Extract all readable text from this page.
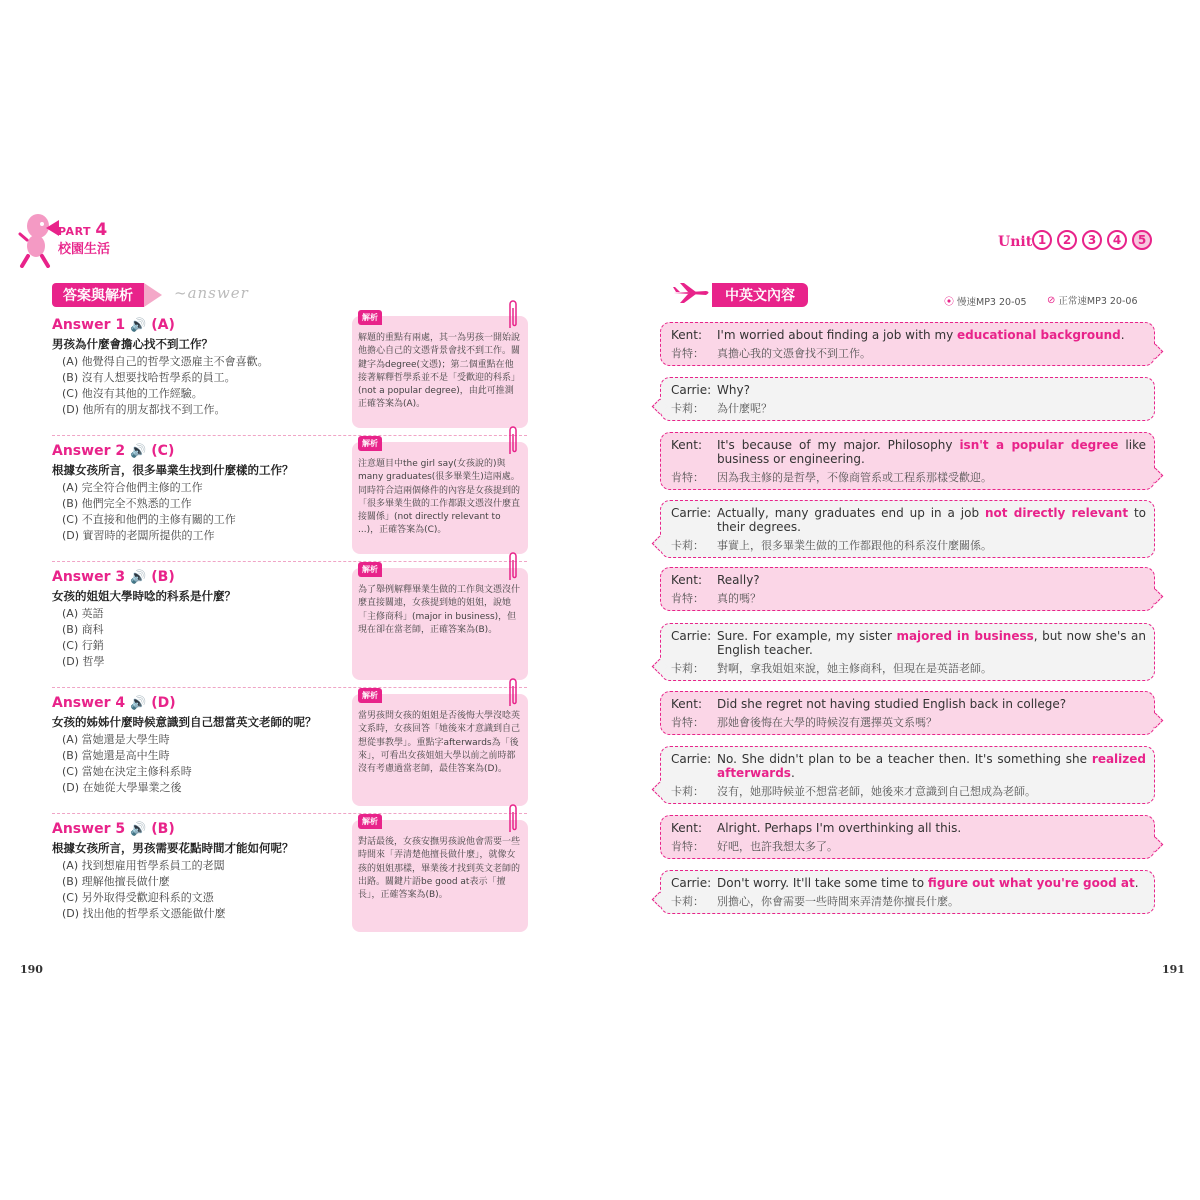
PART 4
校園生活	Unit 1	2	3	4	5
答案與解析	~answer
Answer 1 🔊 (A)
男孩為什麼會擔心找不到工作？
(A) 他覺得自己的哲學文憑雇主不會喜歡。
(B) 沒有人想要找哈哲學系的員工。
(C) 他沒有其他的工作經驗。
(D) 他所有的朋友都找不到工作。
解析
解題的重點有兩處，其一為男孩一開始說他擔心自己的文憑背景會找不到工作。關鍵字為degree(文憑)；第二個重點在他接著解釋哲學系並不是「受歡迎的科系」(not a popular degree)，由此可推測正確答案為(A)。
Answer 2 🔊 (C)
根據女孩所言，很多畢業生找到什麼樣的工作？
(A) 完全符合他們主修的工作
(B) 他們完全不熟悉的工作
(C) 不直接和他們的主修有關的工作
(D) 實習時的老闆所提供的工作
解析
注意題目中the girl say(女孩說的)與many graduates(很多畢業生)這兩處。同時符合這兩個條件的內容是女孩提到的「很多畢業生做的工作都跟文憑沒什麼直接關係」(not directly relevant to ...)，正確答案為(C)。
Answer 3 🔊 (B)
女孩的姐姐大學時唸的科系是什麼？
(A) 英語
(B) 商科
(C) 行銷
(D) 哲學
解析
為了舉例解釋畢業生做的工作與文憑沒什麼直接關連，女孩提到她的姐姐，說她「主修商科」(major in business)，但現在卻在當老師，正確答案為(B)。
Answer 4 🔊 (D)
女孩的姊姊什麼時候意識到自己想當英文老師的呢？
(A) 當她還是大學生時
(B) 當她還是高中生時
(C) 當她在決定主修科系時
(D) 在她從大學畢業之後
解析
當男孩問女孩的姐姐是否後悔大學沒唸英文系時，女孩回答「她後來才意識到自己想從事教學」。重點字afterwards為「後來」，可看出女孩姐姐大學以前之前時都沒有考慮過當老師，最佳答案為(D)。
Answer 5 🔊 (B)
根據女孩所言，男孩需要花點時間才能如何呢？
(A) 找到想雇用哲學系員工的老闆
(B) 理解他擅長做什麼
(C) 另外取得受歡迎科系的文憑
(D) 找出他的哲學系文憑能做什麼
解析
對話最後，女孩安撫男孩說他會需要一些時間來「弄清楚他擅長做什麼」，就像女孩的姐姐那樣，畢業後才找到英文老師的出路。關鍵片語be good at表示「擅長」，正確答案為(B)。
中英文內容	⦿ 慢速MP3 20-05 ⊘ 正常速MP3 20-06
Kent:	I'm worried about finding a job with my educational background.
肯特：	真擔心我的文憑會找不到工作。
Carrie: Why?
卡莉：	為什麼呢？
Kent:	It's because of my major. Philosophy isn't a popular degree like business or engineering.
肯特：	因為我主修的是哲學，不像商管系或工程系那樣受歡迎。
Carrie: Actually, many graduates end up in a job not directly relevant to their degrees.
卡莉：	事實上，很多畢業生做的工作都跟他的科系沒什麼關係。
Kent:	Really?
肯特：	真的嗎？
Carrie: Sure. For example, my sister majored in business, but now she's an English teacher.
卡莉：	對啊，拿我姐姐來說，她主修商科，但現在是英語老師。
Kent:	Did she regret not having studied English back in college?
肯特：	那她會後悔在大學的時候沒有選擇英文系嗎？
Carrie: No. She didn't plan to be a teacher then. It's something she realized afterwards.
卡莉：	沒有，她那時候並不想當老師，她後來才意識到自己想成為老師。
Kent:	Alright. Perhaps I'm overthinking all this.
肯特：	好吧，也許我想太多了。
Carrie: Don't worry. It'll take some time to figure out what you're good at.
卡莉：	別擔心，你會需要一些時間來弄清楚你擅長什麼。
190	191
